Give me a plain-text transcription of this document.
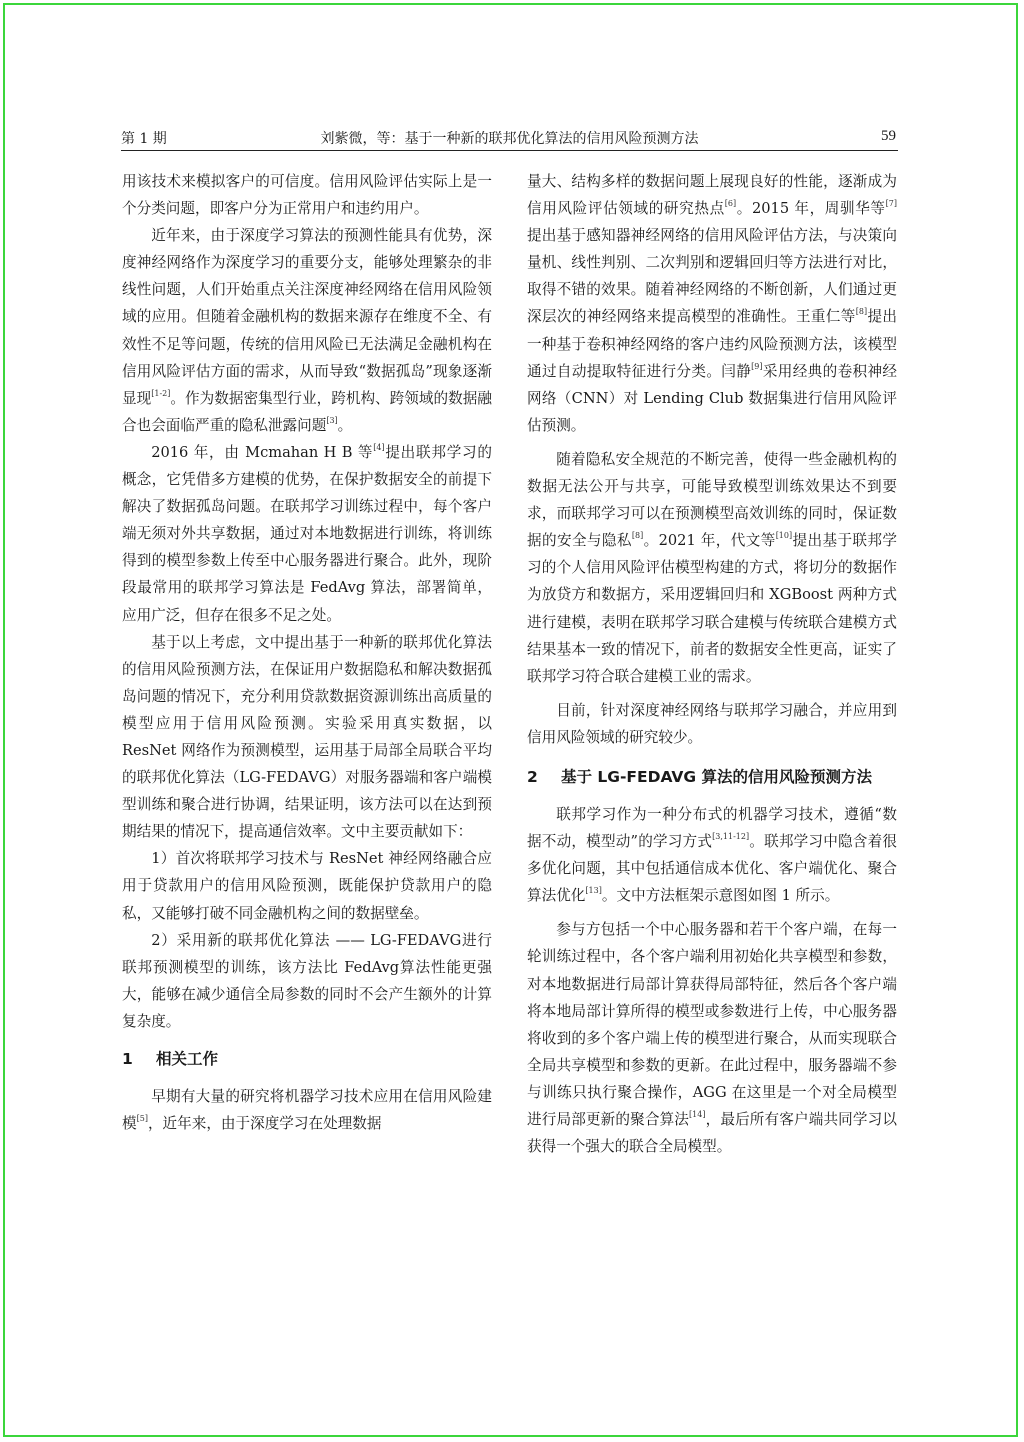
第 1 期	刘紫微，等：基于一种新的联邦优化算法的信用风险预测方法	59

用该技术来模拟客户的可信度。信用风险评估实际上是一个分类问题，即客户分为正常用户和违约用户。

近年来，由于深度学习算法的预测性能具有优势，深度神经网络作为深度学习的重要分支，能够处理繁杂的非线性问题，人们开始重点关注深度神经网络在信用风险领域的应用。但随着金融机构的数据来源存在维度不全、有效性不足等问题，传统的信用风险已无法满足金融机构在信用风险评估方面的需求，从而导致“数据孤岛”现象逐渐显现[1-2]。作为数据密集型行业，跨机构、跨领域的数据融合也会面临严重的隐私泄露问题[3]。

2016 年，由 Mcmahan H B 等[4]提出联邦学习的概念，它凭借多方建模的优势，在保护数据安全的前提下解决了数据孤岛问题。在联邦学习训练过程中，每个客户端无须对外共享数据，通过对本地数据进行训练，将训练得到的模型参数上传至中心服务器进行聚合。此外，现阶段最常用的联邦学习算法是 FedAvg 算法，部署简单，应用广泛，但存在很多不足之处。

基于以上考虑，文中提出基于一种新的联邦优化算法的信用风险预测方法，在保证用户数据隐私和解决数据孤岛问题的情况下，充分利用贷款数据资源训练出高质量的模型应用于信用风险预测。实验采用真实数据，以 ResNet 网络作为预测模型，运用基于局部全局联合平均的联邦优化算法（LG-FEDAVG）对服务器端和客户端模型训练和聚合进行协调，结果证明，该方法可以在达到预期结果的情况下，提高通信效率。文中主要贡献如下：

1）首次将联邦学习技术与 ResNet 神经网络融合应用于贷款用户的信用风险预测，既能保护贷款用户的隐私，又能够打破不同金融机构之间的数据壁垒。

2）采用新的联邦优化算法 —— LG-FEDAVG进行联邦预测模型的训练，该方法比 FedAvg算法性能更强大，能够在减少通信全局参数的同时不会产生额外的计算复杂度。

1	相关工作

早期有大量的研究将机器学习技术应用在信用风险建模[5]，近年来，由于深度学习在处理数据

量大、结构多样的数据问题上展现良好的性能，逐渐成为信用风险评估领域的研究热点[6]。2015 年，周驯华等[7]提出基于感知器神经网络的信用风险评估方法，与决策向量机、线性判别、二次判别和逻辑回归等方法进行对比，取得不错的效果。随着神经网络的不断创新，人们通过更深层次的神经网络来提高模型的准确性。王重仁等[8]提出一种基于卷积神经网络的客户违约风险预测方法，该模型通过自动提取特征进行分类。闫静[9]采用经典的卷积神经网络（CNN）对 Lending Club 数据集进行信用风险评估预测。

随着隐私安全规范的不断完善，使得一些金融机构的数据无法公开与共享，可能导致模型训练效果达不到要求，而联邦学习可以在预测模型高效训练的同时，保证数据的安全与隐私[8]。2021 年，代文等[10]提出基于联邦学习的个人信用风险评估模型构建的方式，将切分的数据作为放贷方和数据方，采用逻辑回归和 XGBoost 两种方式进行建模，表明在联邦学习联合建模与传统联合建模方式结果基本一致的情况下，前者的数据安全性更高，证实了联邦学习符合联合建模工业的需求。

目前，针对深度神经网络与联邦学习融合，并应用到信用风险领域的研究较少。

2	基于 LG-FEDAVG 算法的信用风险预测方法

联邦学习作为一种分布式的机器学习技术，遵循“数据不动，模型动”的学习方式[3,11-12]。联邦学习中隐含着很多优化问题，其中包括通信成本优化、客户端优化、聚合算法优化[13]。文中方法框架示意图如图 1 所示。

参与方包括一个中心服务器和若干个客户端，在每一轮训练过程中，各个客户端利用初始化共享模型和参数，对本地数据进行局部计算获得局部特征，然后各个客户端将本地局部计算所得的模型或参数进行上传，中心服务器将收到的多个客户端上传的模型进行聚合，从而实现联合全局共享模型和参数的更新。在此过程中，服务器端不参与训练只执行聚合操作，AGG 在这里是一个对全局模型进行局部更新的聚合算法[14]，最后所有客户端共同学习以获得一个强大的联合全局模型。
